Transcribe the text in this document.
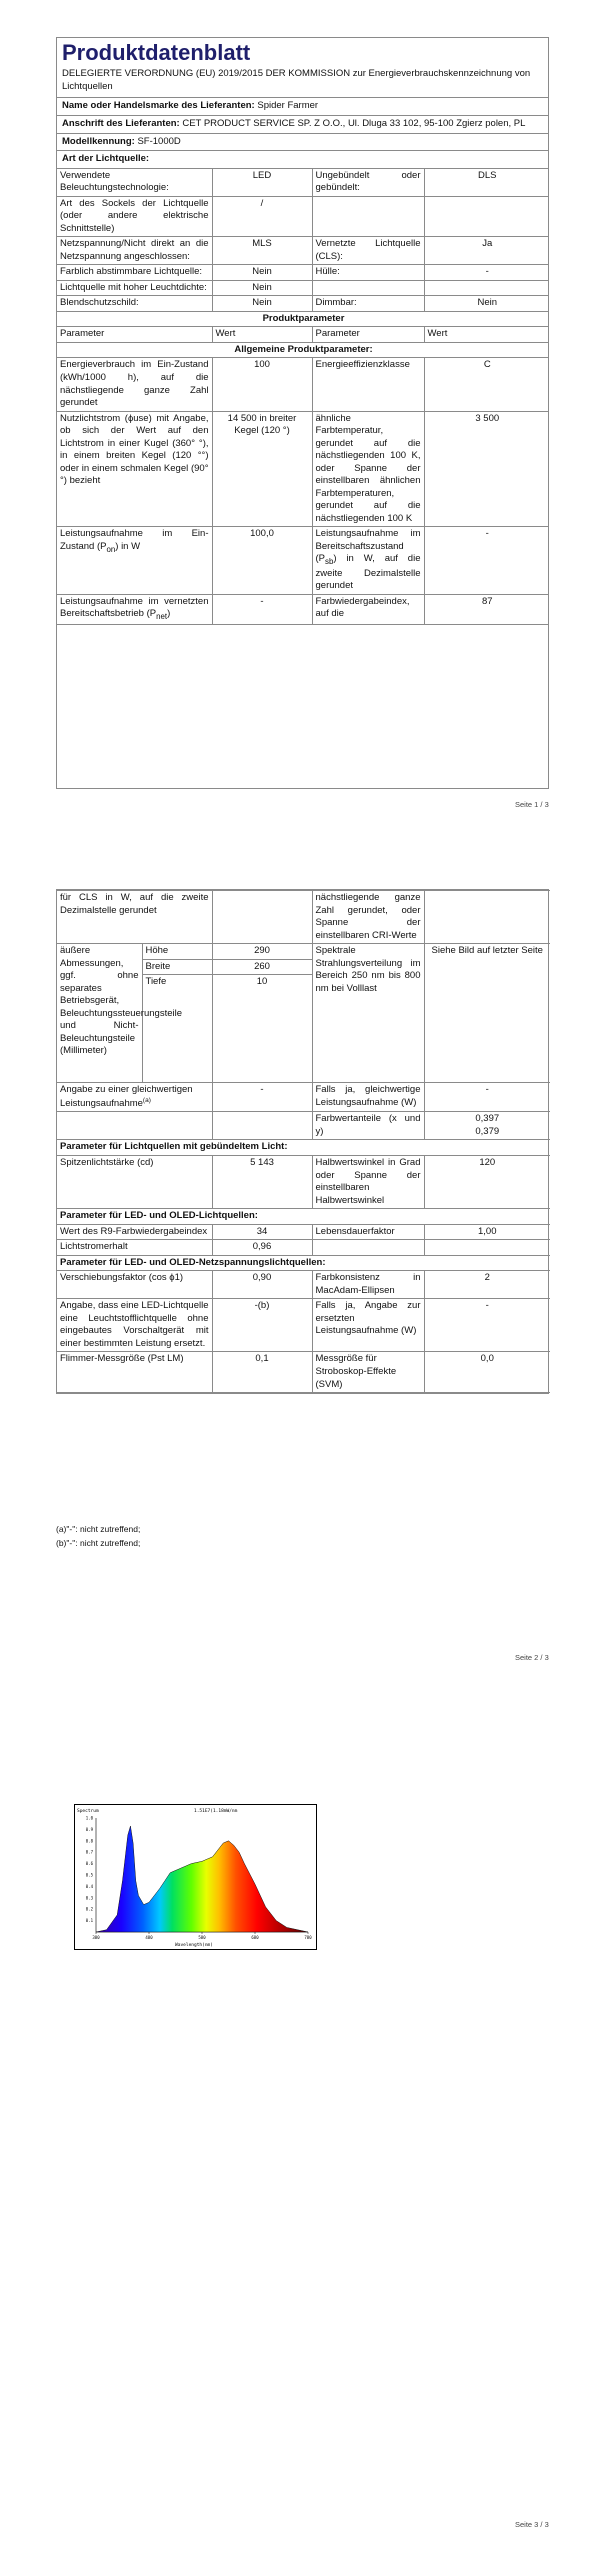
Produktdatenblatt
DELEGIERTE VERORDNUNG (EU) 2019/2015 DER KOMMISSION zur Energieverbrauchskennzeichnung von Lichtquellen
Name oder Handelsmarke des Lieferanten: Spider Farmer
Anschrift des Lieferanten: CET PRODUCT SERVICE SP. Z O.O., Ul. Dluga 33 102, 95-100 Zgierz polen, PL
Modellkennung: SF-1000D
Art der Lichtquelle:
Verwendete Beleuchtungstechnologie:	LED	Ungebündelt oder gebündelt:	DLS
Art des Sockels der Lichtquelle (oder andere elektrische Schnittstelle)	/		
Netzspannung/Nicht direkt an die Netzspannung angeschlossen:	MLS	Vernetzte Lichtquelle (CLS):	Ja
Farblich abstimmbare Lichtquelle:	Nein	Hülle:	-
Lichtquelle mit hoher Leuchtdichte:	Nein		
Blendschutzschild:	Nein	Dimmbar:	Nein
Produktparameter			
Parameter	Wert	Parameter	Wert
Allgemeine Produktparameter:			
Energieverbrauch im Ein-Zustand (kWh/1000 h), auf die nächstliegende ganze Zahl gerundet	100	Energieeffizienzklasse	C
Nutzlichtstrom (ϕuse) mit Angabe, ob sich der Wert auf den Lichtstrom in einer Kugel (360° °), in einem breiten Kegel (120 °°) oder in einem schmalen Kegel (90° °) bezieht	14 500 in breiter Kegel (120 °)	ähnliche Farbtemperatur, gerundet auf die nächstliegenden 100 K, oder Spanne der einstellbaren ähnlichen Farbtemperaturen, gerundet auf die nächstliegenden 100 K	3 500
Leistungsaufnahme im Ein-Zustand $(P_{on})$ in W	100,0	Leistungsaufnahme im Bereitschaftszustand $(P_{sb})$ in W, auf die zweite Dezimalstelle gerundet	-
Leistungsaufnahme im vernetzten Bereitschaftsbetrieb $(P_{net})$	-	Farbwiedergabeindex, auf die	87
Seite 1 / 3
für CLS in W, auf die zweite Dezimalstelle gerundet			nächstliegende ganze Zahl gerundet, oder Spanne der einstellbaren CRI-Werte	
äußere Abmessungen, ggf. ohne separates Betriebsgerät, Beleuchtungssteuerungsteile und Nicht-Beleuchtungsteile (Millimeter)	Höhe	290	Spektrale Strahlungsverteilung im Bereich 250 nm bis 800 nm bei Volllast	Siehe Bild auf letzter Seite
	Breite	260		
	Tiefe	10		
Angabe zu einer gleichwertigen Leistungsaufnahme$^{(a)}$		-	Falls ja, gleichwertige Leistungsaufnahme (W)	-
			Farbwertanteile (x und y)	0,397
0,379

Parameter für Lichtquellen mit gebündeltem Licht:				
Spitzenlichtstärke (cd)		5 143	Halbwertswinkel in Grad oder Spanne der einstellbaren Halbwertswinkel	120
Parameter für LED- und OLED-Lichtquellen:				
Wert des R9-Farbwiedergabeindex		34	Lebensdauerfaktor	1,00
Lichtstromerhalt		0,96		
Parameter für LED- und OLED-Netzspannungslichtquellen:				
Verschiebungsfaktor (cos ϕ1)		0,90	Farbkonsistenz in MacAdam-Ellipsen	2
Angabe, dass eine LED-Lichtquelle eine Leuchtstofflichtquelle ohne eingebautes Vorschaltgerät mit einer bestimmten Leistung ersetzt.		-(b)	Falls ja, Angabe zur ersetzten Leistungsaufnahme (W)	-
Flimmer-Messgröße (Pst LM)		0,1	Messgröße für Stroboskop-Effekte (SVM)	0,0
(a)"-": nicht zutreffend;
(b)"-": nicht zutreffend;
Seite 2 / 3
Spectrum	1.51E7(1.18mW/nm
Wavelength(nm)
1.0
0.9
0.8
0.7
0.6
0.5
0.4
0.3
0.2
0.1
380	480	580	680	780
Seite 3 / 3
